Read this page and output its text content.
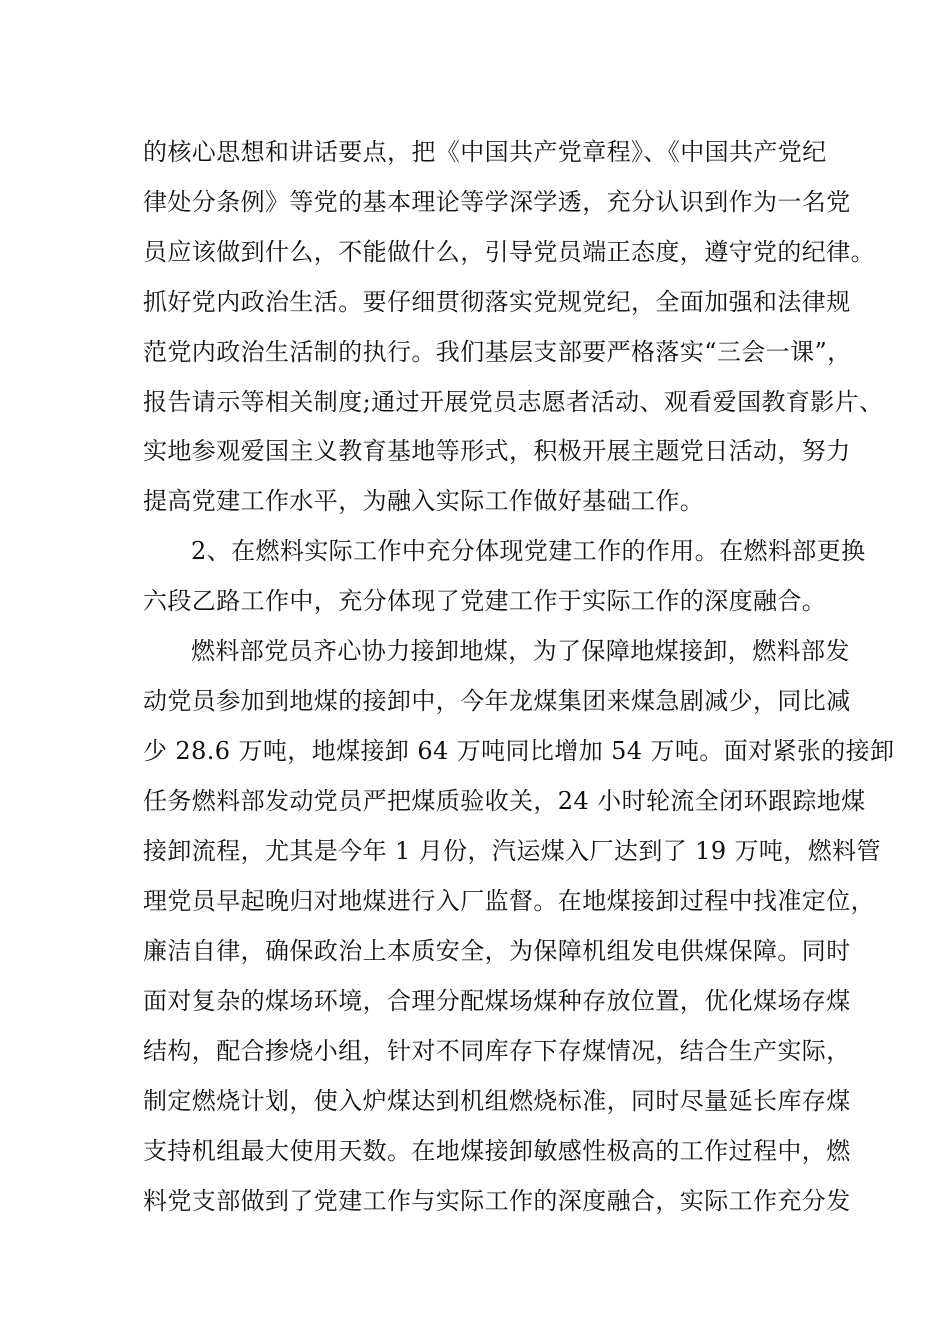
的核心思想和讲话要点，把《中国共产党章程》、《中国共产党纪
律处分条例》等党的基本理论等学深学透，充分认识到作为一名党
员应该做到什么，不能做什么，引导党员端正态度，遵守党的纪律。
抓好党内政治生活。要仔细贯彻落实党规党纪，全面加强和法律规
范党内政治生活制的执行。我们基层支部要严格落实“三会一课”，
报告请示等相关制度;通过开展党员志愿者活动、观看爱国教育影片、
实地参观爱国主义教育基地等形式，积极开展主题党日活动，努力
提高党建工作水平，为融入实际工作做好基础工作。
2、在燃料实际工作中充分体现党建工作的作用。在燃料部更换
六段乙路工作中，充分体现了党建工作于实际工作的深度融合。
燃料部党员齐心协力接卸地煤，为了保障地煤接卸，燃料部发
动党员参加到地煤的接卸中，今年龙煤集团来煤急剧减少，同比减
少 28.6 万吨，地煤接卸 64 万吨同比增加 54 万吨。面对紧张的接卸
任务燃料部发动党员严把煤质验收关，24 小时轮流全闭环跟踪地煤
接卸流程，尤其是今年 1 月份，汽运煤入厂达到了 19 万吨，燃料管
理党员早起晚归对地煤进行入厂监督。在地煤接卸过程中找准定位，
廉洁自律，确保政治上本质安全，为保障机组发电供煤保障。同时
面对复杂的煤场环境，合理分配煤场煤种存放位置，优化煤场存煤
结构，配合掺烧小组，针对不同库存下存煤情况，结合生产实际，
制定燃烧计划，使入炉煤达到机组燃烧标准，同时尽量延长库存煤
支持机组最大使用天数。在地煤接卸敏感性极高的工作过程中，燃
料党支部做到了党建工作与实际工作的深度融合，实际工作充分发
